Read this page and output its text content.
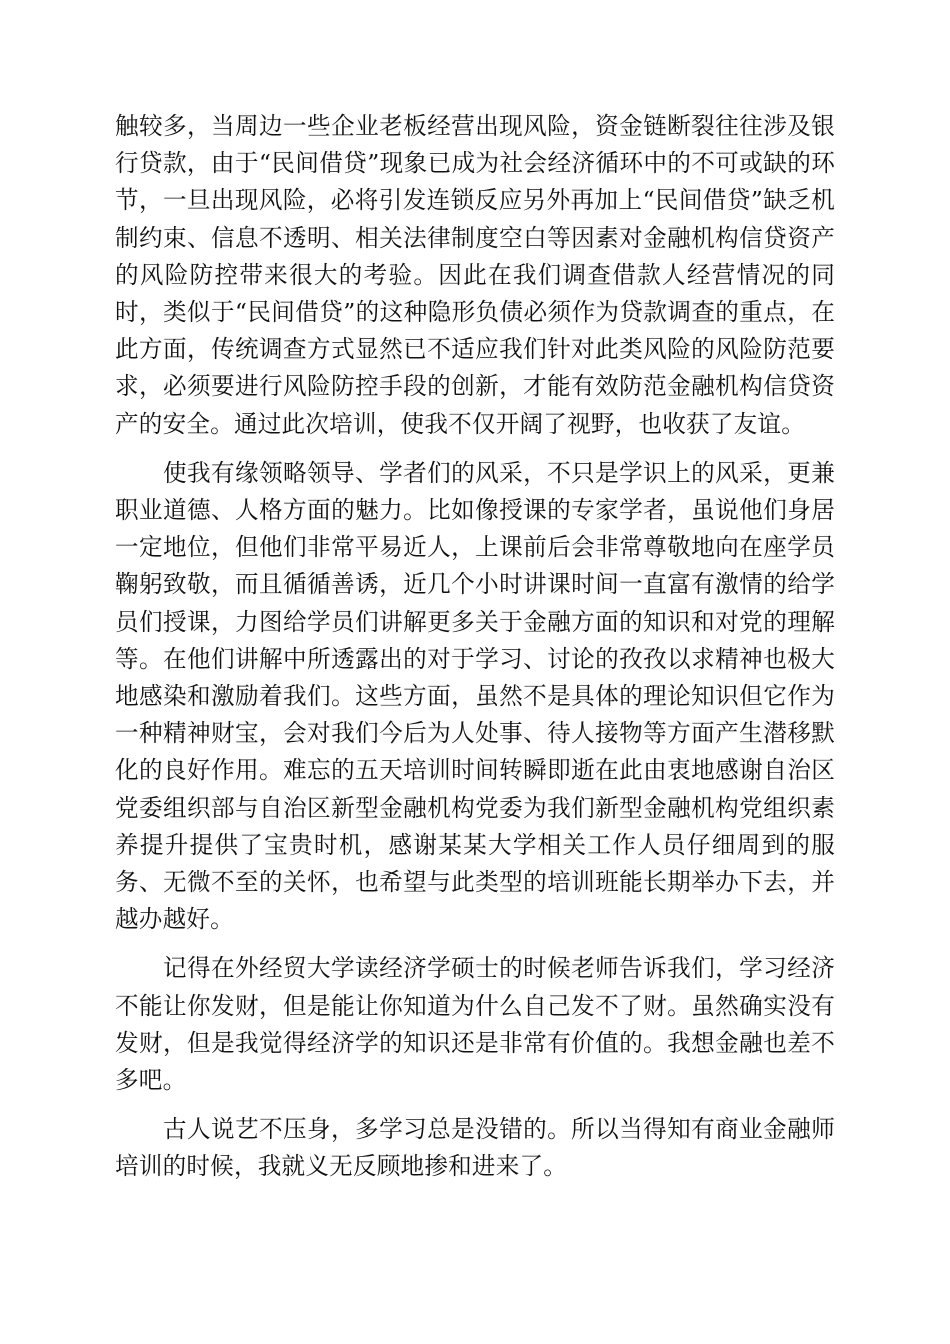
触较多，当周边一些企业老板经营出现风险，资金链断裂往往涉及银行贷款，由于“民间借贷”现象已成为社会经济循环中的不可或缺的环节，一旦出现风险，必将引发连锁反应另外再加上“民间借贷”缺乏机制约束、信息不透明、相关法律制度空白等因素对金融机构信贷资产的风险防控带来很大的考验。因此在我们调查借款人经营情况的同时，类似于“民间借贷”的这种隐形负债必须作为贷款调查的重点，在此方面，传统调查方式显然已不适应我们针对此类风险的风险防范要求，必须要进行风险防控手段的创新，才能有效防范金融机构信贷资产的安全。通过此次培训，使我不仅开阔了视野，也收获了友谊。

使我有缘领略领导、学者们的风采，不只是学识上的风采，更兼职业道德、人格方面的魅力。比如像授课的专家学者，虽说他们身居一定地位，但他们非常平易近人，上课前后会非常尊敬地向在座学员鞠躬致敬，而且循循善诱，近几个小时讲课时间一直富有激情的给学员们授课，力图给学员们讲解更多关于金融方面的知识和对党的理解等。在他们讲解中所透露出的对于学习、讨论的孜孜以求精神也极大地感染和激励着我们。这些方面，虽然不是具体的理论知识但它作为一种精神财宝，会对我们今后为人处事、待人接物等方面产生潜移默化的良好作用。难忘的五天培训时间转瞬即逝在此由衷地感谢自治区党委组织部与自治区新型金融机构党委为我们新型金融机构党组织素养提升提供了宝贵时机，感谢某某大学相关工作人员仔细周到的服务、无微不至的关怀，也希望与此类型的培训班能长期举办下去，并越办越好。

记得在外经贸大学读经济学硕士的时候老师告诉我们，学习经济不能让你发财，但是能让你知道为什么自己发不了财。虽然确实没有发财，但是我觉得经济学的知识还是非常有价值的。我想金融也差不多吧。

古人说艺不压身，多学习总是没错的。所以当得知有商业金融师培训的时候，我就义无反顾地掺和进来了。
